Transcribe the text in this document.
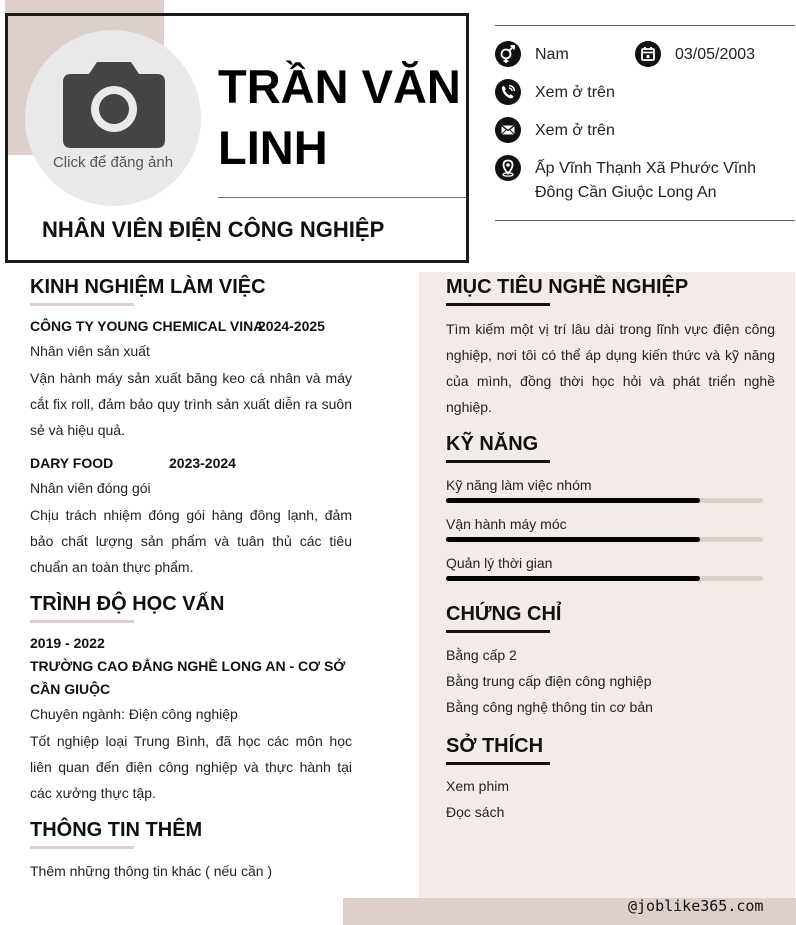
Click để đăng ảnh
TRẦN VĂN LINH
NHÂN VIÊN ĐIỆN CÔNG NGHIỆP
Nam	03/05/2003
Xem ở trên
Xem ở trên
Ấp Vĩnh Thạnh Xã Phước Vĩnh
Đông Cần Giuộc Long An
KINH NGHIỆM LÀM VIỆC
CÔNG TY YOUNG CHEMICAL VINA
2024-2025
Nhân viên sản xuất
Vận hành máy sản xuất băng keo cá nhân và máy cắt fix roll, đảm bảo quy trình sản xuất diễn ra suôn sẻ và hiệu quả.
DARY FOOD	2023-2024
Nhân viên đóng gói
Chịu trách nhiệm đóng gói hàng đông lạnh, đảm bảo chất lượng sản phẩm và tuân thủ các tiêu chuẩn an toàn thực phẩm.
TRÌNH ĐỘ HỌC VẤN
2019 - 2022
TRƯỜNG CAO ĐẲNG NGHỀ LONG AN - CƠ SỞ CẦN GIUỘC
Chuyên ngành: Điện công nghiệp
Tốt nghiệp loại Trung Bình, đã học các môn học liên quan đến điện công nghiệp và thực hành tại các xưởng thực tập.
THÔNG TIN THÊM
Thêm những thông tin khác ( nếu cần )
MỤC TIÊU NGHỀ NGHIỆP
Tìm kiếm một vị trí lâu dài trong lĩnh vực điện công nghiệp, nơi tôi có thể áp dụng kiến thức và kỹ năng của mình, đồng thời học hỏi và phát triển nghề nghiệp.
KỸ NĂNG
Kỹ năng làm việc nhóm
Vận hành máy móc
Quản lý thời gian
CHỨNG CHỈ
Bằng cấp 2
Bằng trung cấp điện công nghiệp
Bằng công nghệ thông tin cơ bản
SỞ THÍCH
Xem phim
Đọc sách
@joblike365.com
